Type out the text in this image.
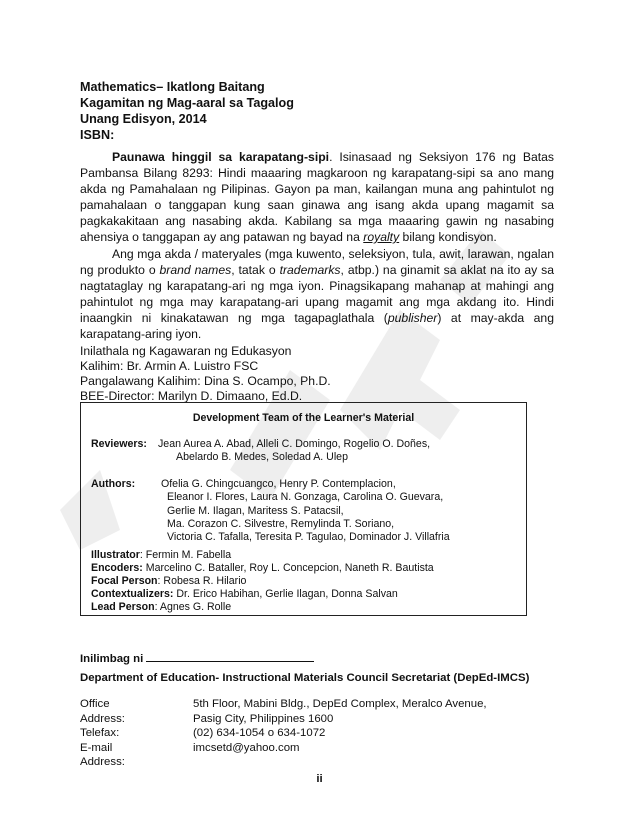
Mathematics– Ikatlong Baitang
Kagamitan ng Mag-aaral sa Tagalog
Unang Edisyon, 2014
ISBN:

Paunawa hinggil sa karapatang-sipi. Isinasaad ng Seksiyon 176 ng Batas Pambansa Bilang 8293: Hindi maaaring magkaroon ng karapatang-sipi sa ano mang akda ng Pamahalaan ng Pilipinas. Gayon pa man, kailangan muna ang pahintulot ng pamahalaan o tanggapan kung saan ginawa ang isang akda upang magamit sa pagkakakitaan ang nasabing akda. Kabilang sa mga maaaring gawin ng nasabing ahensiya o tanggapan ay ang patawan ng bayad na royalty bilang kondisyon.

Ang mga akda / materyales (mga kuwento, seleksiyon, tula, awit, larawan, ngalan ng produkto o brand names, tatak o trademarks, atbp.) na ginamit sa aklat na ito ay sa nagtataglay ng karapatang-ari ng mga iyon. Pinagsikapang mahanap at mahingi ang pahintulot ng mga may karapatang-ari upang magamit ang mga akdang ito. Hindi inaangkin ni kinakatawan ng mga tagapaglathala (publisher) at may-akda ang karapatang-aring iyon.

Inilathala ng Kagawaran ng Edukasyon
Kalihim: Br. Armin A. Luistro FSC
Pangalawang Kalihim: Dina S. Ocampo, Ph.D.
BEE-Director: Marilyn D. Dimaano, Ed.D.
Development Team of the Learner's Material
Reviewers: Jean Aurea A. Abad, Alleli C. Domingo, Rogelio O. Doñes,
Abelardo B. Medes, Soledad A. Ulep
Authors: Ofelia G. Chingcuangco, Henry P. Contemplacion,
Eleanor I. Flores, Laura N. Gonzaga, Carolina O. Guevara,
Gerlie M. Ilagan, Maritess S. Patacsil,
Ma. Corazon C. Silvestre, Remylinda T. Soriano,
Victoria C. Tafalla, Teresita P. Tagulao, Dominador J. Villafria
Illustrator: Fermin M. Fabella
Encoders: Marcelino C. Bataller, Roy L. Concepcion, Naneth R. Bautista
Focal Person: Robesa R. Hilario
Contextualizers: Dr. Erico Habihan, Gerlie Ilagan, Donna Salvan
Lead Person: Agnes G. Rolle
Inilimbag ni
Department of Education- Instructional Materials Council Secretariat (DepEd-IMCS)
Office Address:
5th Floor, Mabini Bldg., DepEd Complex, Meralco Avenue,
Pasig City, Philippines 1600
Telefax:	(02) 634-1054 o 634-1072
E-mail Address:
imcsetd@yahoo.com
ii
